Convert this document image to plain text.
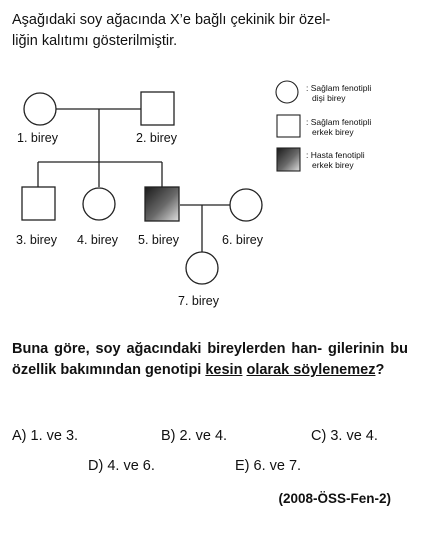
Aşağıdaki soy ağacında X’e bağlı çekinik bir özel-
liğin kalıtımı gösterilmiştir.
1. birey	2. birey
3. birey 4. birey 5. birey	6. birey
7. birey
: Sağlam fenotipli
dişi birey
: Sağlam fenotipli
erkek birey
: Hasta fenotipli
erkek birey
Buna göre, soy ağacındaki bireylerden han- gilerinin bu özellik bakımından genotipi kesin olarak söylenemez?
A) 1. ve 3.	B) 2. ve 4.	C) 3. ve 4.
D) 4. ve 6.	E) 6. ve 7.
(2008-ÖSS-Fen-2)
